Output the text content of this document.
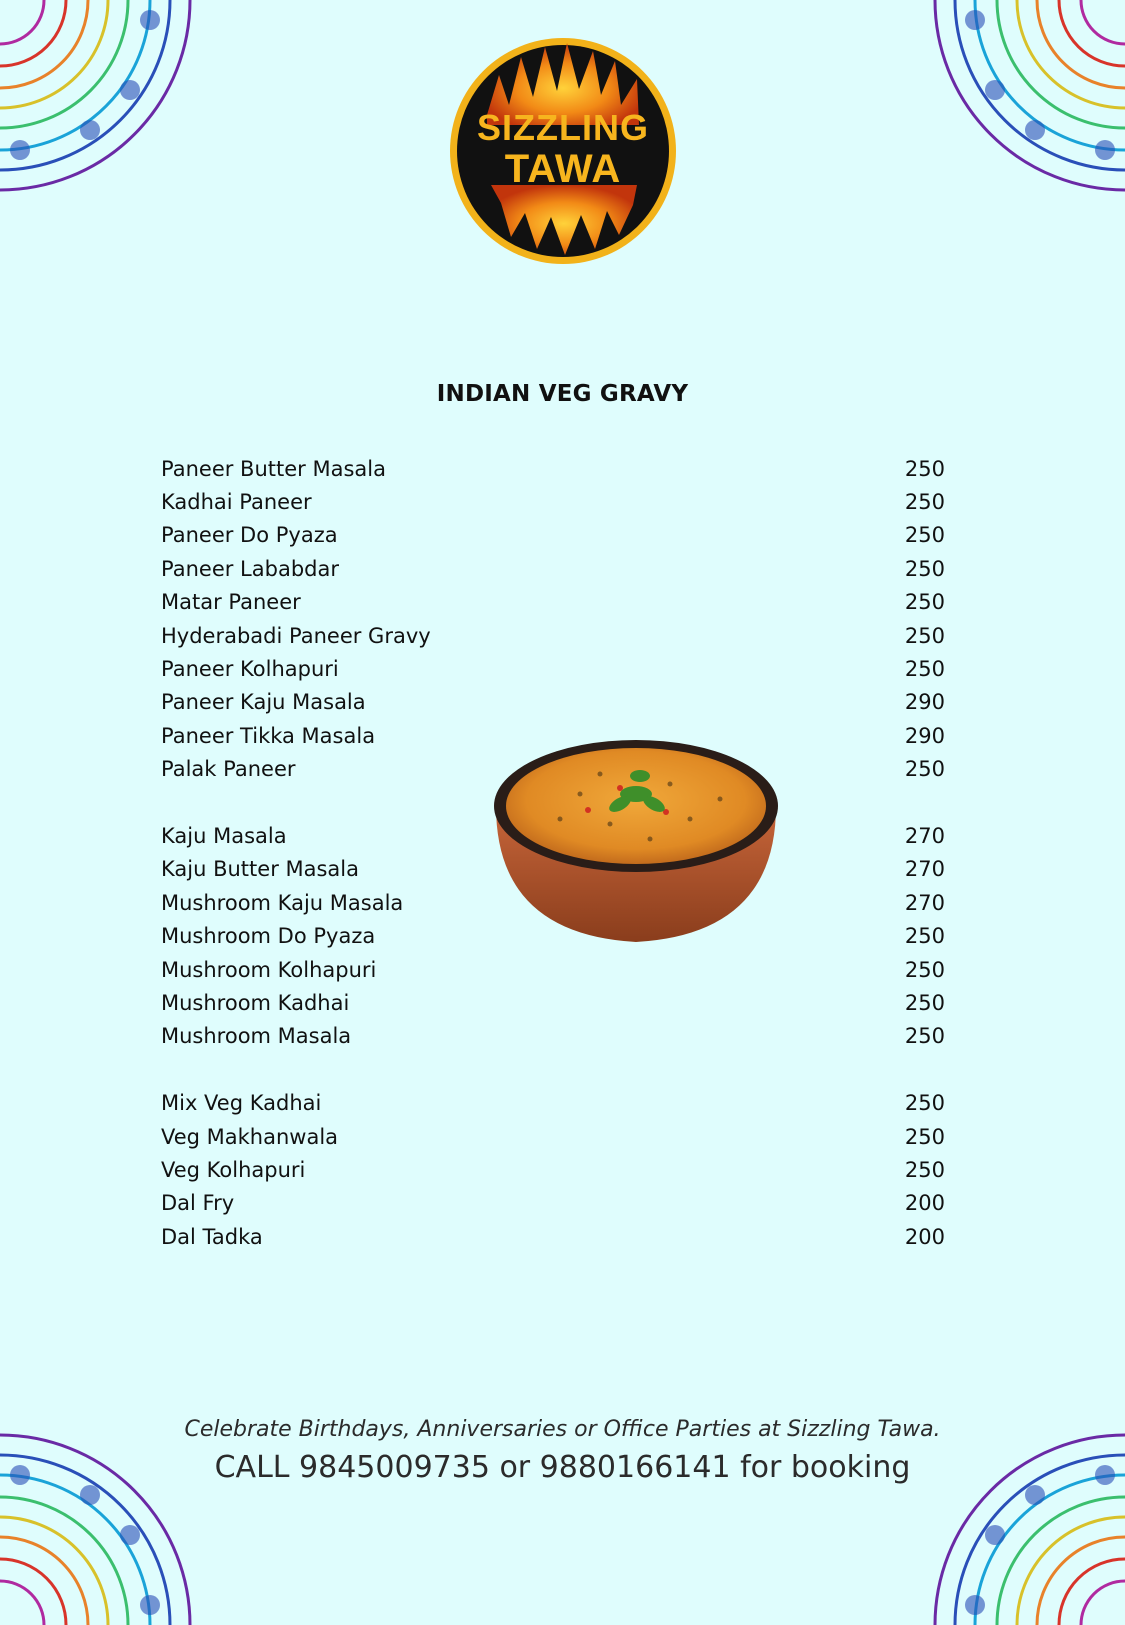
SIZZLING
TAWA
INDIAN VEG GRAVY
Paneer Butter Masala	250
Kadhai Paneer	250
Paneer Do Pyaza	250
Paneer Lababdar	250
Matar Paneer	250
Hyderabadi Paneer Gravy	250
Paneer Kolhapuri	250
Paneer Kaju Masala	290
Paneer Tikka Masala	290
Palak Paneer	250
Kaju Masala	270
Kaju Butter Masala	270
Mushroom Kaju Masala	270
Mushroom Do Pyaza	250
Mushroom Kolhapuri	250
Mushroom Kadhai	250
Mushroom Masala	250
Mix Veg Kadhai	250
Veg Makhanwala	250
Veg Kolhapuri	250
Dal Fry	200
Dal Tadka	200
Celebrate Birthdays, Anniversaries or Office Parties at Sizzling Tawa.
CALL 9845009735 or 9880166141 for booking
